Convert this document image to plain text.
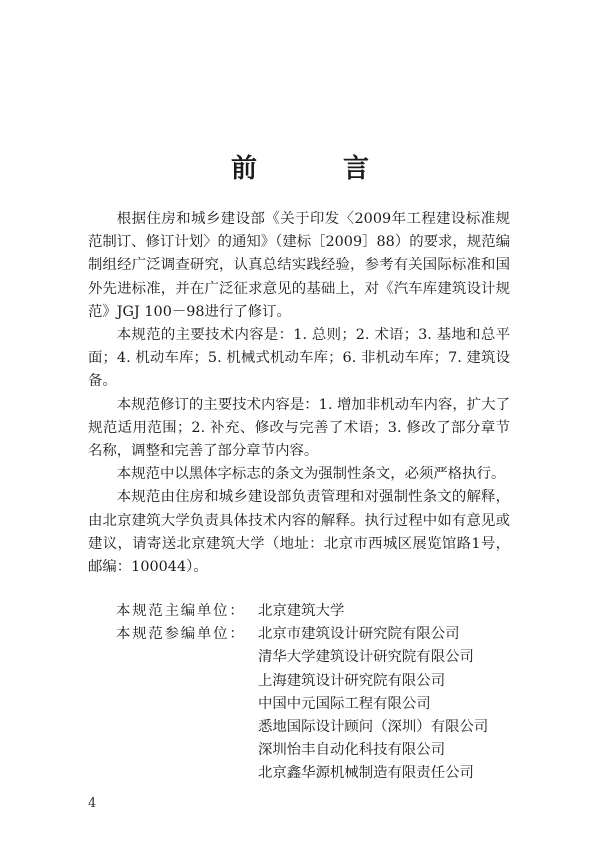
前　言

根据住房和城乡建设部《关于印发〈2009年工程建设标准规范制订、修订计划〉的通知》（建标［2009］88）的要求，规范编制组经广泛调查研究，认真总结实践经验，参考有关国际标准和国外先进标准，并在广泛征求意见的基础上，对《汽车库建筑设计规范》JGJ 100－98进行了修订。

本规范的主要技术内容是：1. 总则；2. 术语；3. 基地和总平面；4. 机动车库；5. 机械式机动车库；6. 非机动车库；7. 建筑设备。

本规范修订的主要技术内容是：1. 增加非机动车内容，扩大了规范适用范围；2. 补充、修改与完善了术语；3. 修改了部分章节名称，调整和完善了部分章节内容。

本规范中以黑体字标志的条文为强制性条文，必须严格执行。

本规范由住房和城乡建设部负责管理和对强制性条文的解释，由北京建筑大学负责具体技术内容的解释。执行过程中如有意见或建议，请寄送北京建筑大学（地址：北京市西城区展览馆路1号，邮编：100044）。

本规范主编单位： 北京建筑大学
本规范参编单位： 北京市建筑设计研究院有限公司
清华大学建筑设计研究院有限公司
上海建筑设计研究院有限公司
中国中元国际工程有限公司
悉地国际设计顾问（深圳）有限公司
深圳怡丰自动化科技有限公司
北京鑫华源机械制造有限责任公司
4
